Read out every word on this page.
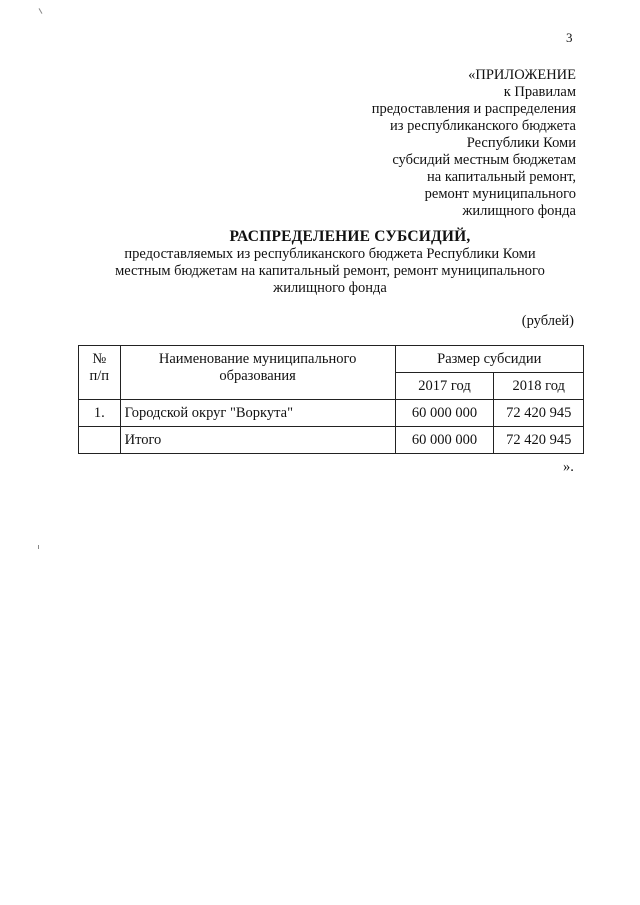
3
«ПРИЛОЖЕНИЕ
к Правилам
предоставления и распределения
из республиканского бюджета
Республики Коми
субсидий местным бюджетам
на капитальный ремонт,
ремонт муниципального
жилищного фонда
РАСПРЕДЕЛЕНИЕ СУБСИДИЙ,
предоставляемых из республиканского бюджета Республики Коми
местным бюджетам на капитальный ремонт, ремонт муниципального
жилищного фонда
(рублей)
№ п/п	Наименование муниципального образования	Размер субсидии	
		2017 год	2018 год
1.	Городской округ "Воркута"	60 000 000	72 420 945
	Итого	60 000 000	72 420 945
».
